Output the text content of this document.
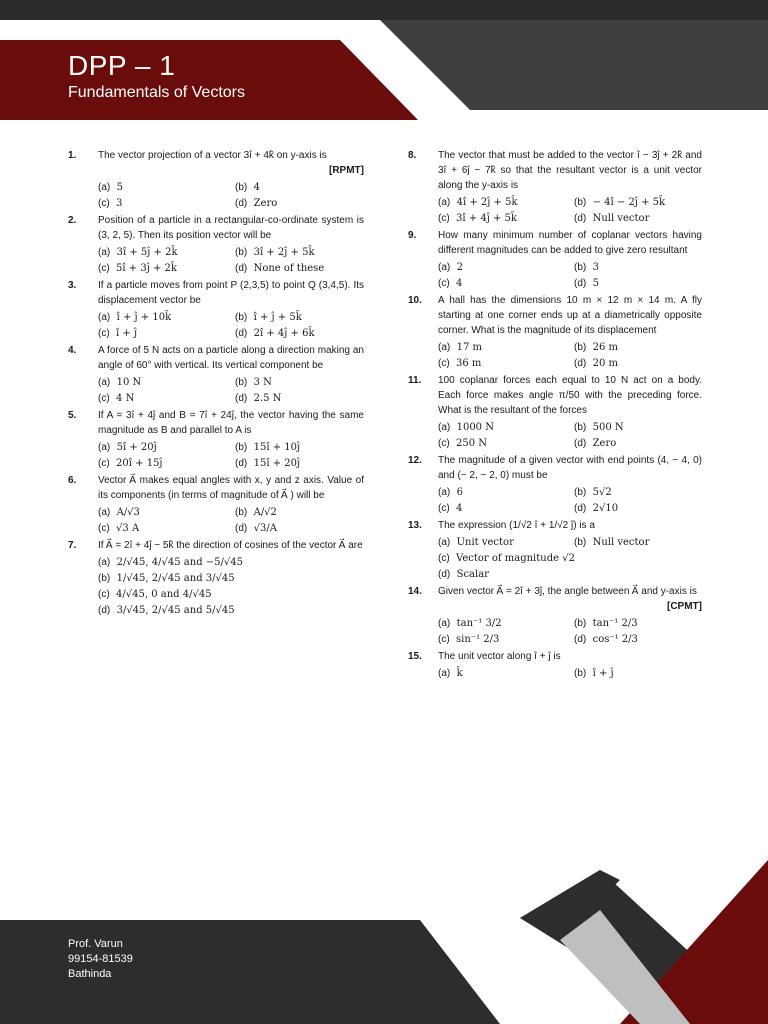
DPP – 1
Fundamentals of Vectors
1.	The vector projection of a vector 3î + 4k̂ on y-axis is
[RPMT]
(a) 5	(b) 4
(c) 3	(d) Zero
2.	Position of a particle in a rectangular-co-ordinate system is (3, 2, 5). Then its position vector will be
(a) 3î + 5ĵ + 2k̂	(b) 3î + 2ĵ + 5k̂
(c) 5î + 3ĵ + 2k̂	(d) None of these
3.	If a particle moves from point P (2,3,5) to point Q (3,4,5). Its displacement vector be
(a) î + ĵ + 10k̂	(b) î + ĵ + 5k̂
(c) î + ĵ	(d) 2î + 4ĵ + 6k̂
4.	A force of 5 N acts on a particle along a direction making an angle of 60° with vertical. Its vertical component be
(a) 10 N	(b) 3 N
(c) 4 N	(d) 2.5 N
5.	If A = 3î + 4ĵ and B = 7î + 24ĵ, the vector having the same magnitude as B and parallel to A is
(a) 5î + 20ĵ	(b) 15î + 10ĵ
(c) 20î + 15ĵ	(d) 15î + 20ĵ
6.	Vector A⃗ makes equal angles with x, y and z axis. Value of its components (in terms of magnitude of A⃗ ) will be
(a) A/√3	(b) A/√2
(c) √3 A	(d) √3/A
7.	If A⃗ = 2î + 4ĵ − 5k̂ the direction of cosines of the vector A⃗ are
(a) 2/√45, 4/√45 and −5/√45
(b) 1/√45, 2/√45 and 3/√45
(c) 4/√45, 0 and 4/√45
(d) 3/√45, 2/√45 and 5/√45
8.	The vector that must be added to the vector î − 3ĵ + 2k̂ and 3î + 6ĵ − 7k̂ so that the resultant vector is a unit vector along the y-axis is
(a) 4î + 2ĵ + 5k̂	(b) − 4î − 2ĵ + 5k̂
(c) 3î + 4ĵ + 5k̂	(d) Null vector
9.	How many minimum number of coplanar vectors having different magnitudes can be added to give zero resultant
(a) 2	(b) 3
(c) 4	(d) 5
10.	A hall has the dimensions 10 m × 12 m × 14 m. A fly starting at one corner ends up at a diametrically opposite corner. What is the magnitude of its displacement
(a) 17 m	(b) 26 m
(c) 36 m	(d) 20 m
11.	100 coplanar forces each equal to 10 N act on a body. Each force makes angle π/50 with the preceding force. What is the resultant of the forces
(a) 1000 N	(b) 500 N
(c) 250 N	(d) Zero
12.	The magnitude of a given vector with end points (4, − 4, 0) and (− 2, − 2, 0) must be
(a) 6	(b) 5√2
(c) 4	(d) 2√10
13.	The expression (1/√2 î + 1/√2 ĵ) is a
(a) Unit vector	(b) Null vector
(c) Vector of magnitude √2
(d) Scalar
14.	Given vector A⃗ = 2î + 3ĵ, the angle between A⃗ and y-axis is
[CPMT]
(a) tan⁻¹ 3/2	(b) tan⁻¹ 2/3
(c) sin⁻¹ 2/3	(d) cos⁻¹ 2/3
15.	The unit vector along î + ĵ is
(a) k̂	(b) î + ĵ
Prof. Varun
99154-81539
Bathinda
